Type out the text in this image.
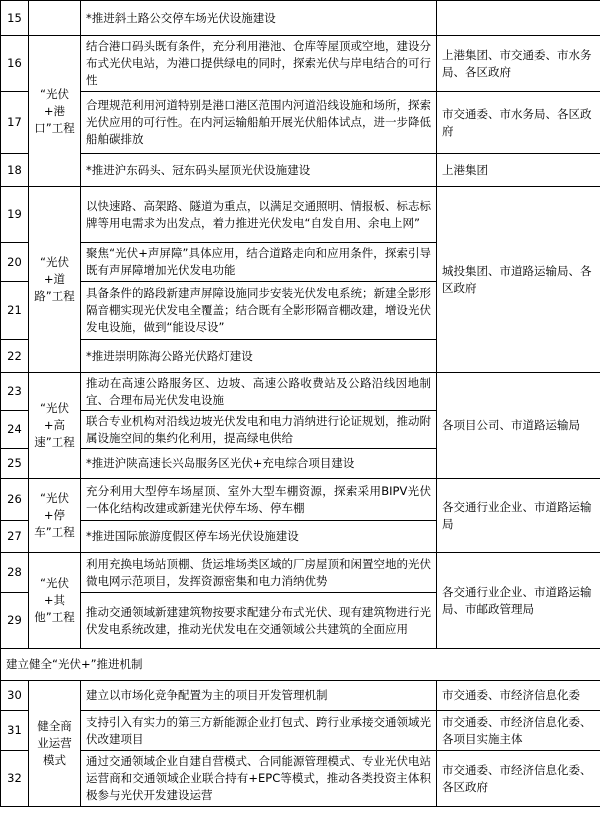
15		*推进斜土路公交停车场光伏设施建设	
16	“光伏+港口”工程	结合港口码头既有条件，充分利用港池、仓库等屋顶或空地，建设分布式光伏电站，为港口提供绿电的同时，探索光伏与岸电结合的可行性	上港集团、市交通委、市水务局、各区政府
17		合理规范利用河道特别是港口港区范围内河道沿线设施和场所，探索光伏应用的可行性。在内河运输船舶开展光伏船体试点，进一步降低船舶碳排放	市交通委、市水务局、各区政府
18		*推进沪东码头、冠东码头屋顶光伏设施建设	上港集团
19	“光伏+道路”工程	以快速路、高架路、隧道为重点，以满足交通照明、情报板、标志标牌等用电需求为出发点，着力推进光伏发电“自发自用、余电上网”	城投集团、市道路运输局、各区政府
20		聚焦“光伏+声屏障”具体应用，结合道路走向和应用条件，探索引导既有声屏障增加光伏发电功能	
21		具备条件的路段新建声屏障设施同步安装光伏发电系统；新建全影形隔音棚实现光伏发电全覆盖；结合既有全影形隔音棚改建，增设光伏发电设施，做到“能设尽设”	
22		*推进崇明陈海公路光伏路灯建设	
23	“光伏+高速”工程	推动在高速公路服务区、边坡、高速公路收费站及公路沿线因地制宜、合理布局光伏发电设施	各项目公司、市道路运输局
24		联合专业机构对沿线边坡光伏发电和电力消纳进行论证规划，推动附属设施空间的集约化利用，提高绿电供给	
25		*推进沪陕高速长兴岛服务区光伏+充电综合项目建设	
26	“光伏+停车”工程	充分利用大型停车场屋顶、室外大型车棚资源，探索采用BIPV光伏一体化结构改建或新建光伏停车场、停车棚	各交通行业企业、市道路运输局
27		*推进国际旅游度假区停车场光伏设施建设	
28	“光伏+其他”工程	利用充换电场站顶棚、货运堆场类区域的厂房屋顶和闲置空地的光伏微电网示范项目，发挥资源密集和电力消纳优势	各交通行业企业、市道路运输局、市邮政管理局
29		推动交通领域新建建筑物按要求配建分布式光伏、现有建筑物进行光伏发电系统改建，推动光伏发电在交通领域公共建筑的全面应用	
建立健全“光伏+”推进机制			
30	健全商业运营模式	建立以市场化竞争配置为主的项目开发管理机制	市交通委、市经济信息化委
31		支持引入有实力的第三方新能源企业打包式、跨行业承接交通领域光伏改建项目	市交通委、市经济信息化委、各项目实施主体
32		通过交通领域企业自建自营模式、合同能源管理模式、专业光伏电站运营商和交通领域企业联合持有+EPC等模式，推动各类投资主体积极参与光伏开发建设运营	市交通委、市经济信息化委、各区政府
